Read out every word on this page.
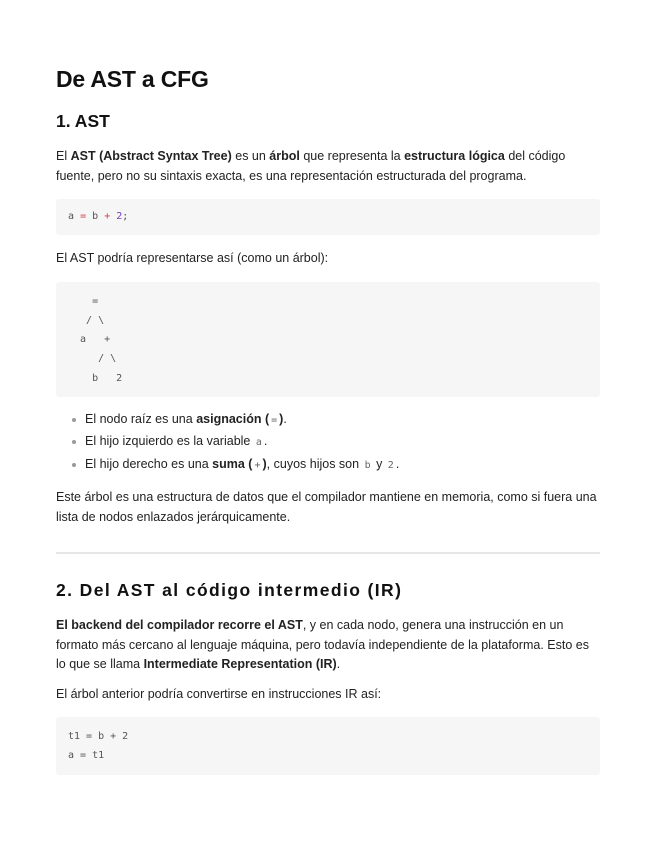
De AST a CFG
1. AST

El AST (Abstract Syntax Tree) es un árbol que representa la estructura lógica del código fuente, pero no su sintaxis exacta, es una representación estructurada del programa.

a = b + 2;

El AST podría representarse así (como un árbol):

=
/ \
a   +
/ \
b   2
El nodo raíz es una asignación ( = ).
El hijo izquierdo es la variable a .
El hijo derecho es una suma ( + ), cuyos hijos son b y 2 .

Este árbol es una estructura de datos que el compilador mantiene en memoria, como si fuera una lista de nodos enlazados jerárquicamente.

2. Del AST al código intermedio (IR)

El backend del compilador recorre el AST, y en cada nodo, genera una instrucción en un formato más cercano al lenguaje máquina, pero todavía independiente de la plataforma. Esto es lo que se llama Intermediate Representation (IR).

El árbol anterior podría convertirse en instrucciones IR así:

t1 = b + 2
a = t1
